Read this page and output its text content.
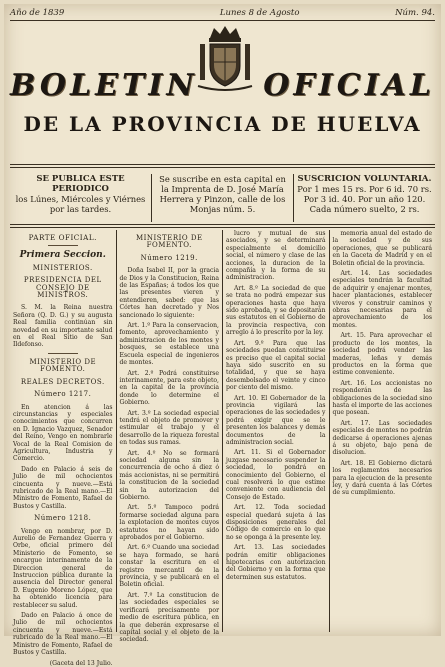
Año de 1839	Lunes 8 de Agosto	Núm. 94.
BOLETIN OFICIAL
DE LA PROVINCIA DE HUELVA
SE PUBLICA ESTE PERIODICO
los Lúnes, Miércoles y Viérnes por las tardes.
Se suscribe en esta capital en la Imprenta de D. José María Herrera y Pinzon, calle de los Monjas núm. 5.
SUSCRICION VOLUNTARIA.
Por 1 mes 15 rs. Por 6 id. 70 rs.
Por 3 id. 40. Por un año 120.
Cada número suelto, 2 rs.
PARTE OFICIAL.
Primera Seccion.
MINISTERIOS.
PRESIDENCIA DEL CONSEJO DE MINISTROS.

S. M. la Reina nuestra Señora (Q. D. G.) y su augusta Real familia continúan sin novedad en su importante salud en el Real Sitio de San Ildefonso.

MINISTERIO DE FOMENTO.
REALES DECRETOS.
Número 1217.

En atencion á las circunstancias y especiales conocimientos que concurren en D. Ignacio Vazquez, Senador del Reino, Vengo en nombrarle Vocal de la Real Comision de Agricultura, Industria y Comercio.

Dado en Palacio á seis de Julio de mil ochocientos cincuenta y nueve.—Está rubricado de la Real mano.—El Ministro de Fomento, Rafael de Bustos y Castilla.

Número 1218.

Vengo en nombrar, por D. Aurelio de Fernandez Guerra y Orbe, oficial primero del Ministerio de Fomento, se encargue interinamente de la Direccion general de Instruccion pública durante la ausencia del Director general D. Eugenio Moreno López, que ha obtenido licencia para restablecer su salud.

Dado en Palacio á once de Julio de mil ochocientos cincuenta y nueve.—Está rubricado de la Real mano.—El Ministro de Fomento, Rafael de Bustos y Castilla.

(Gaceta del 13 Julio.

MINISTERIO DE FOMENTO.
Número 1219.

Doña Isabel II, por la gracia de Dios y la Constitucion, Reina de las Españas; á todos los que las presentes vieren y entendieren, sabed: que las Córtes han decretado y Nos sancionado lo siguiente:

Art. 1.º Para la conservacion, fomento, aprovechamiento y administracion de los montes y bosques, se establece una Escuela especial de ingenieros de montes.

Art. 2.º Podrá constituirse interinamente, para este objeto, en la capital de la provincia donde lo determine el Gobierno.

Art. 3.º La sociedad especial tendrá el objeto de promover y estimular el trabajo y el desarrollo de la riqueza forestal en todas sus ramas.

Art. 4.º No se formará sociedad alguna sin la concurrencia de ocho á diez ó más accionistas, ni se permitirá la constitucion de la sociedad sin la autorizacion del Gobierno.

Art. 5.º Tampoco podrá formarse sociedad alguna para la explotacion de montes cuyos estatutos no hayan sido aprobados por el Gobierno.

Art. 6.º Cuando una sociedad se haya formado, se hará constar la escritura en el registro mercantil de la provincia, y se publicará en el Boletin oficial.

Art. 7.º La constitucion de las sociedades especiales se verificará precisamente por medio de escritura pública, en la que deberán expresarse el capital social y el objeto de la sociedad.

lucro y mutual de sus asociados, y se determinará especialmente el domicilio social, el número y clase de las acciones, la duracion de la compañía y la forma de su administracion.

Art. 8.º La sociedad de que se trata no podrá empezar sus operaciones hasta que haya sido aprobada, y se depositarán sus estatutos en el Gobierno de la provincia respectiva, con arreglo á lo prescrito por la ley.

Art. 9.º Para que las sociedades puedan constituirse es preciso que el capital social haya sido suscrito en su totalidad, y que se haya desembolsado el veinte y cinco por ciento del mismo.

Art. 10. El Gobernador de la provincia vigilará las operaciones de las sociedades y podrá exigir que se le presenten los balances y demás documentos de la administracion social.

Art. 11. Si el Gobernador juzgase necesario suspender la sociedad, lo pondrá en conocimiento del Gobierno, el cual resolverá lo que estime conveniente con audiencia del Consejo de Estado.

Art. 12. Toda sociedad especial quedará sujeta á las disposiciones generales del Código de comercio en lo que no se oponga á la presente ley.

Art. 13. Las sociedades podrán emitir obligaciones hipotecarias con autorizacion del Gobierno y en la forma que determinen sus estatutos.

memoria anual del estado de la sociedad y de sus operaciones, que se publicará en la Gaceta de Madrid y en el Boletin oficial de la provincia.

Art. 14. Las sociedades especiales tendrán la facultad de adquirir y enajenar montes, hacer plantaciones, establecer viveros y construir caminos y obras necesarias para el aprovechamiento de los montes.

Art. 15. Para aprovechar el producto de los montes, la sociedad podrá vender las maderas, leñas y demás productos en la forma que estime conveniente.

Art. 16. Los accionistas no responderán de las obligaciones de la sociedad sino hasta el importe de las acciones que posean.

Art. 17. Las sociedades especiales de montes no podrán dedicarse á operaciones ajenas á su objeto, bajo pena de disolucion.

Art. 18. El Gobierno dictará los reglamentos necesarios para la ejecucion de la presente ley, y dará cuenta á las Córtes de su cumplimiento.
